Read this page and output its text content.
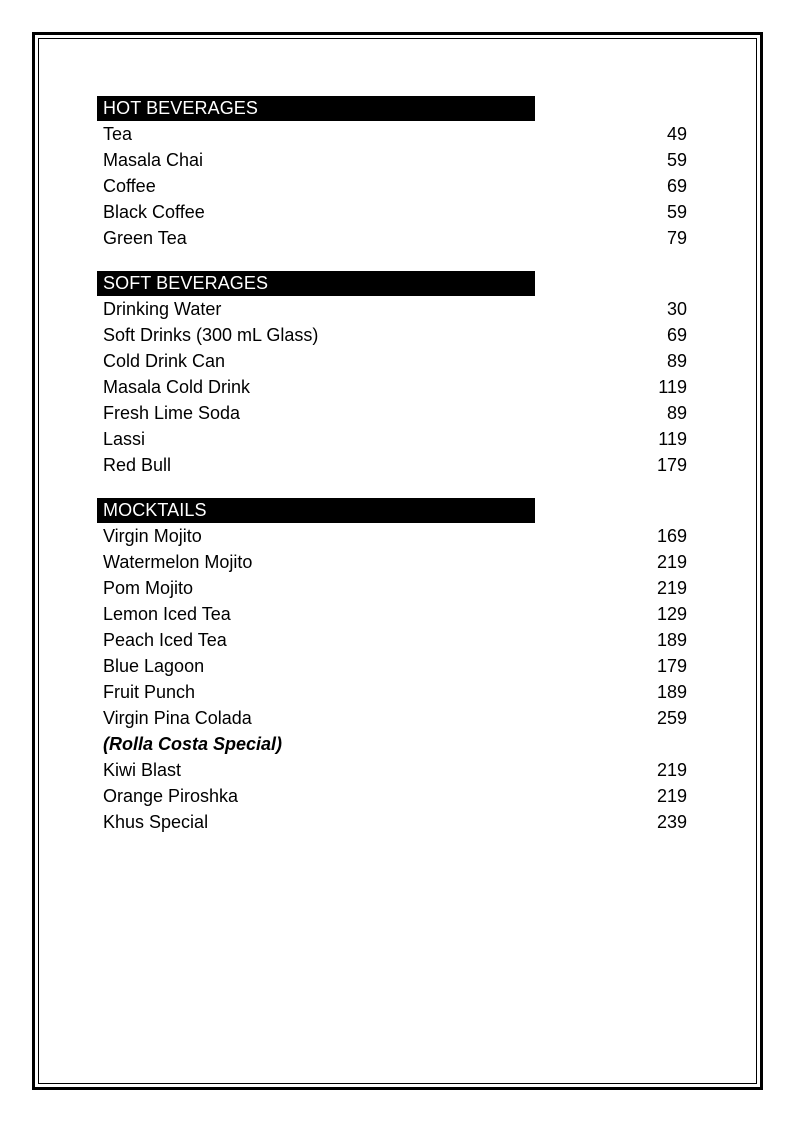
HOT BEVERAGES
Tea	49
Masala Chai	59
Coffee	69
Black Coffee	59
Green Tea	79
SOFT BEVERAGES
Drinking Water	30
Soft Drinks (300 mL Glass)	69
Cold Drink Can	89
Masala Cold Drink	119
Fresh Lime Soda	89
Lassi	119
Red Bull	179
MOCKTAILS
Virgin Mojito	169
Watermelon Mojito	219
Pom Mojito	219
Lemon Iced Tea	129
Peach Iced Tea	189
Blue Lagoon	179
Fruit Punch	189
Virgin Pina Colada	259
(Rolla Costa Special)
Kiwi Blast	219
Orange Piroshka	219
Khus Special	239
